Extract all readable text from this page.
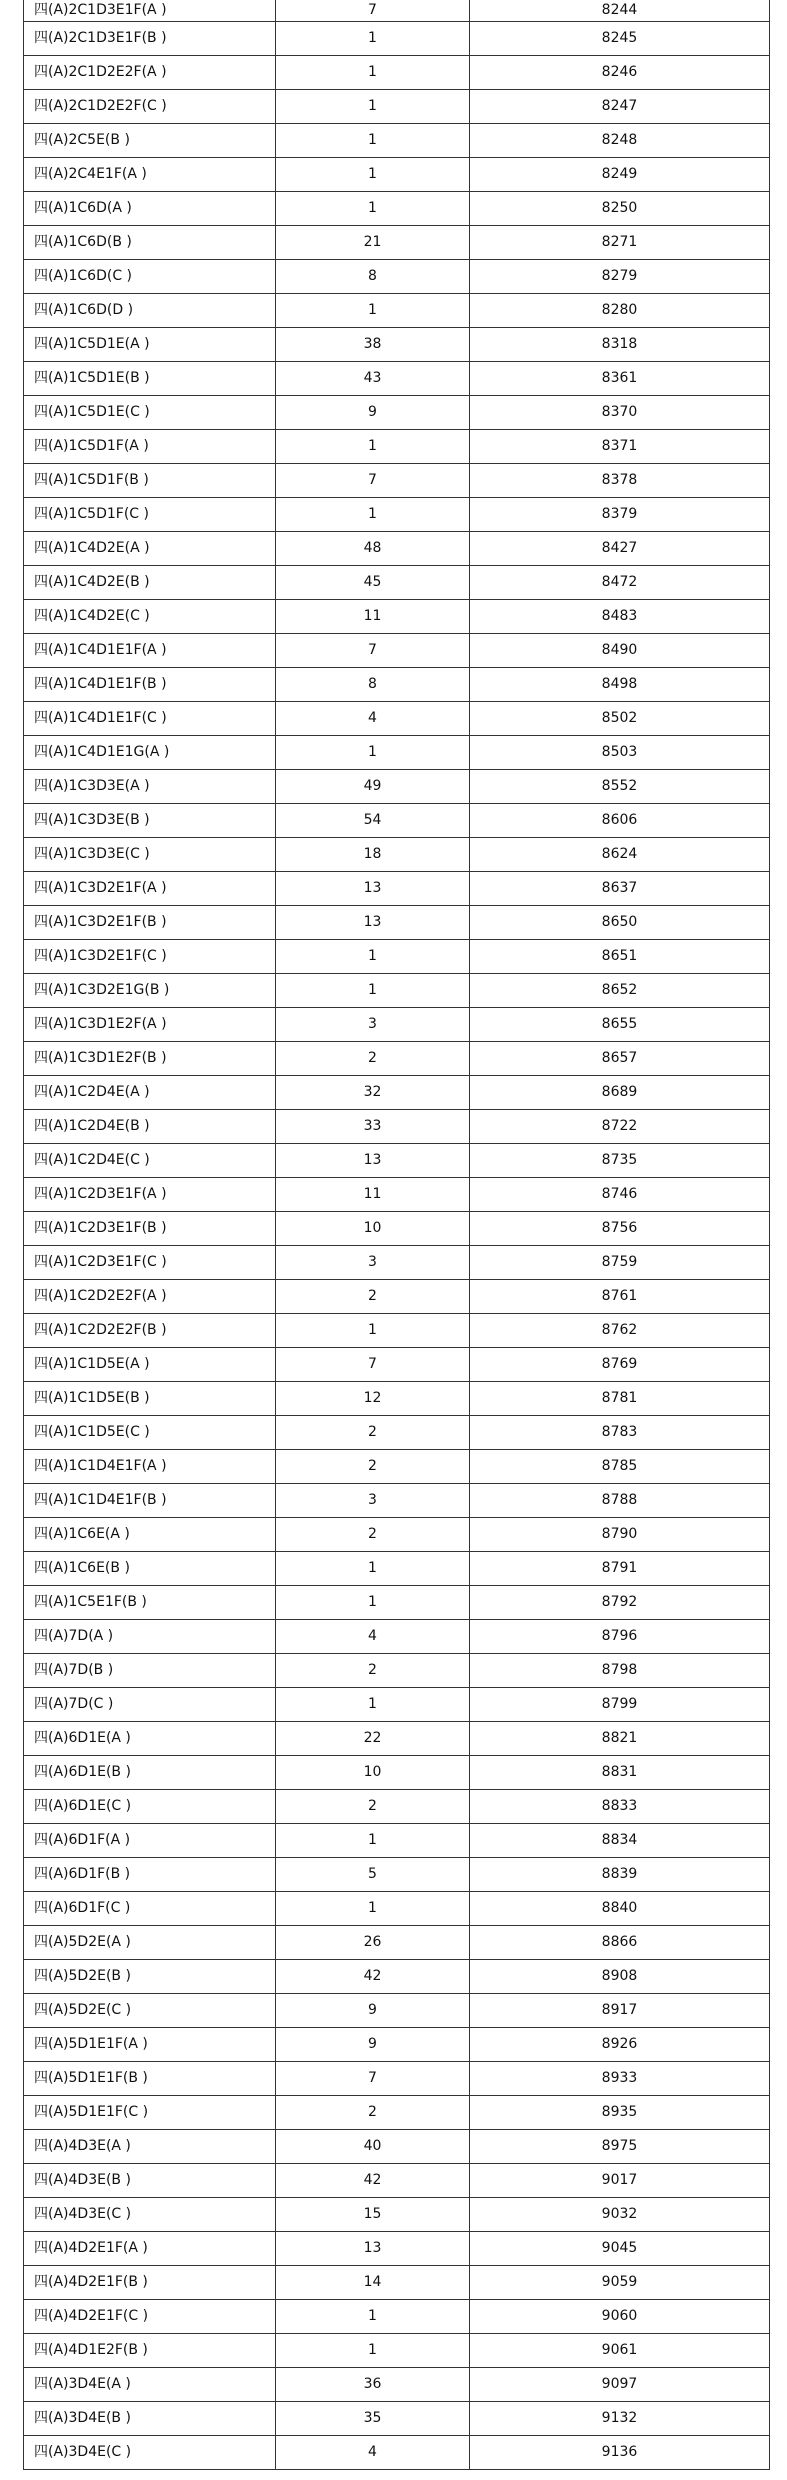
四(A)2C1D3E1F(A )	7	8244
四(A)2C1D3E1F(B )	1	8245
四(A)2C1D2E2F(A )	1	8246
四(A)2C1D2E2F(C )	1	8247
四(A)2C5E(B )	1	8248
四(A)2C4E1F(A )	1	8249
四(A)1C6D(A )	1	8250
四(A)1C6D(B )	21	8271
四(A)1C6D(C )	8	8279
四(A)1C6D(D )	1	8280
四(A)1C5D1E(A )	38	8318
四(A)1C5D1E(B )	43	8361
四(A)1C5D1E(C )	9	8370
四(A)1C5D1F(A )	1	8371
四(A)1C5D1F(B )	7	8378
四(A)1C5D1F(C )	1	8379
四(A)1C4D2E(A )	48	8427
四(A)1C4D2E(B )	45	8472
四(A)1C4D2E(C )	11	8483
四(A)1C4D1E1F(A )	7	8490
四(A)1C4D1E1F(B )	8	8498
四(A)1C4D1E1F(C )	4	8502
四(A)1C4D1E1G(A )	1	8503
四(A)1C3D3E(A )	49	8552
四(A)1C3D3E(B )	54	8606
四(A)1C3D3E(C )	18	8624
四(A)1C3D2E1F(A )	13	8637
四(A)1C3D2E1F(B )	13	8650
四(A)1C3D2E1F(C )	1	8651
四(A)1C3D2E1G(B )	1	8652
四(A)1C3D1E2F(A )	3	8655
四(A)1C3D1E2F(B )	2	8657
四(A)1C2D4E(A )	32	8689
四(A)1C2D4E(B )	33	8722
四(A)1C2D4E(C )	13	8735
四(A)1C2D3E1F(A )	11	8746
四(A)1C2D3E1F(B )	10	8756
四(A)1C2D3E1F(C )	3	8759
四(A)1C2D2E2F(A )	2	8761
四(A)1C2D2E2F(B )	1	8762
四(A)1C1D5E(A )	7	8769
四(A)1C1D5E(B )	12	8781
四(A)1C1D5E(C )	2	8783
四(A)1C1D4E1F(A )	2	8785
四(A)1C1D4E1F(B )	3	8788
四(A)1C6E(A )	2	8790
四(A)1C6E(B )	1	8791
四(A)1C5E1F(B )	1	8792
四(A)7D(A )	4	8796
四(A)7D(B )	2	8798
四(A)7D(C )	1	8799
四(A)6D1E(A )	22	8821
四(A)6D1E(B )	10	8831
四(A)6D1E(C )	2	8833
四(A)6D1F(A )	1	8834
四(A)6D1F(B )	5	8839
四(A)6D1F(C )	1	8840
四(A)5D2E(A )	26	8866
四(A)5D2E(B )	42	8908
四(A)5D2E(C )	9	8917
四(A)5D1E1F(A )	9	8926
四(A)5D1E1F(B )	7	8933
四(A)5D1E1F(C )	2	8935
四(A)4D3E(A )	40	8975
四(A)4D3E(B )	42	9017
四(A)4D3E(C )	15	9032
四(A)4D2E1F(A )	13	9045
四(A)4D2E1F(B )	14	9059
四(A)4D2E1F(C )	1	9060
四(A)4D1E2F(B )	1	9061
四(A)3D4E(A )	36	9097
四(A)3D4E(B )	35	9132
四(A)3D4E(C )	4	9136
